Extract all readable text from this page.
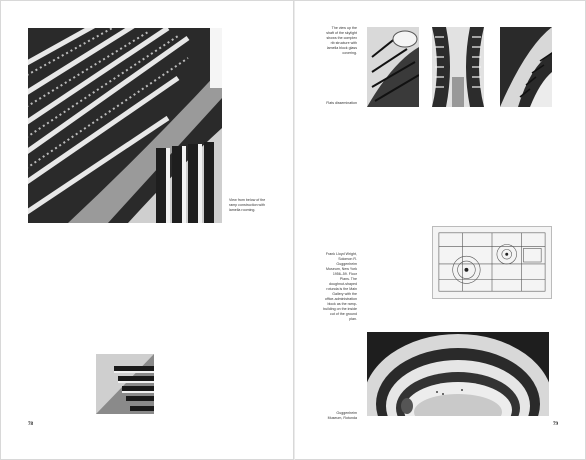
View from below of the ramp construction with lamella rooming.
78
The view up the shaft of the skylight shows the complex rib structure with lamella block glass covering.
Flats dissemination
Frank Lloyd Wright, Solomon R. Guggenheim Museum, New York 1956–59. Floor Plans. The doughnut-shaped rotunda is the Main Gallery with the office-administration block as the ramp-building on the inside cut of the ground plan.
Guggenheim Museum, Rotunda
79
